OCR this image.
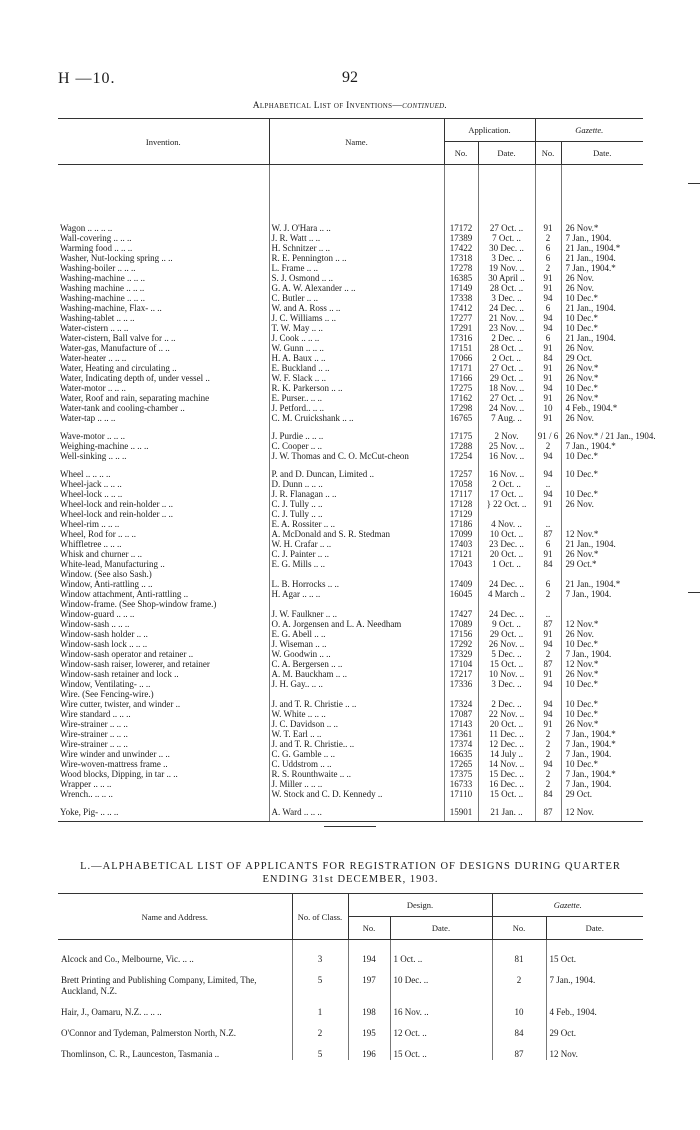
H —10.	92
Alphabetical List of Inventions—continued.
Invention.	Name.	Application.		Gazette.	
		No.	Date.	No.	Date.
Wagon .. .. .. ..	W. J. O'Hara .. ..	17172	27 Oct. ..	91	26 Nov.*
Wall-covering .. .. ..	J. R. Watt .. ..	17389	7 Oct. ..	2	7 Jan., 1904.
Warming food .. .. ..	H. Schnitzer .. ..	17422	30 Dec. ..	6	21 Jan., 1904.*
Washer, Nut-locking spring .. ..	R. E. Pennington .. ..	17318	3 Dec. ..	6	21 Jan., 1904.
Washing-boiler .. .. ..	L. Frame .. ..	17278	19 Nov. ..	2	7 Jan., 1904.*
Washing-machine .. .. ..	S. J. Osmond .. ..	16385	30 April ..	91	26 Nov.
Washing machine .. .. ..	G. A. W. Alexander .. ..	17149	28 Oct. ..	91	26 Nov.
Washing-machine .. .. ..	C. Butler .. ..	17338	3 Dec. ..	94	10 Dec.*
Washing-machine, Flax- .. ..	W. and A. Ross .. ..	17412	24 Dec. ..	6	21 Jan., 1904.
Washing-tablet .. .. ..	J. C. Williams .. ..	17277	21 Nov. ..	94	10 Dec.*
Water-cistern .. .. ..	T. W. May .. ..	17291	23 Nov. ..	94	10 Dec.*
Water-cistern, Ball valve for .. ..	J. Cook .. .. ..	17316	2 Dec. ..	6	21 Jan., 1904.
Water-gas, Manufacture of .. ..	W. Gunn .. .. ..	17151	28 Oct. ..	91	26 Nov.
Water-heater .. .. ..	H. A. Baux .. ..	17066	2 Oct. ..	84	29 Oct.
Water, Heating and circulating ..	E. Buckland .. ..	17171	27 Oct. ..	91	26 Nov.*
Water, Indicating depth of, under vessel ..	W. F. Slack .. ..	17166	29 Oct. ..	91	26 Nov.*
Water-motor .. .. ..	R. K. Parkerson .. ..	17275	18 Nov. ..	94	10 Dec.*
Water, Roof and rain, separating machine	E. Purser.. .. ..	17162	27 Oct. ..	91	26 Nov.*
Water-tank and cooling-chamber ..	J. Petford.. .. ..	17298	24 Nov. ..	10	4 Feb., 1904.*
Water-tap .. .. ..	C. M. Cruickshank .. ..	16765	7 Aug. ..	91	26 Nov.
Wave-motor .. .. ..	J. Purdie .. .. ..	17175	2 Nov.	91 / 6	26 Nov.* / 21 Jan., 1904.
Weighing-machine .. .. ..	C. Cooper .. ..	17288	25 Nov. ..	2	7 Jan., 1904.*
Well-sinking .. .. ..	J. W. Thomas and C. O. McCut-cheon	17254	16 Nov. ..	94	10 Dec.*
Wheel .. .. .. ..	P. and D. Duncan, Limited ..	17257	16 Nov. ..	94	10 Dec.*
Wheel-jack .. .. ..	D. Dunn .. .. ..	17058	2 Oct. ..	..	
Wheel-lock .. .. ..	J. R. Flanagan .. ..	17117	17 Oct. ..	94	10 Dec.*
Wheel-lock and rein-holder .. ..	C. J. Tully .. ..	17128	} 22 Oct. ..	91	26 Nov.
Wheel-lock and rein-holder .. ..	C. J. Tully .. ..	17129			
Wheel-rim .. .. ..	E. A. Rossiter .. ..	17186	4 Nov. ..	..	
Wheel, Rod for .. .. ..	A. McDonald and S. R. Stedman	17099	10 Oct. ..	87	12 Nov.*
Whiffletree .. .. ..	W. H. Crafar .. ..	17403	23 Dec. ..	6	21 Jan., 1904.
Whisk and churner .. ..	C. J. Painter .. ..	17121	20 Oct. ..	91	26 Nov.*
White-lead, Manufacturing ..	E. G. Mills .. ..	17043	1 Oct. ..	84	29 Oct.*
Window. (See also Sash.)					
Window, Anti-rattling .. ..	L. B. Horrocks .. ..	17409	24 Dec. ..	6	21 Jan., 1904.*
Window attachment, Anti-rattling ..	H. Agar .. .. ..	16045	4 March ..	2	7 Jan., 1904.
Window-frame. (See Shop-window frame.)					
Window-guard .. .. ..	J. W. Faulkner .. ..	17427	24 Dec. ..	..	
Window-sash .. .. ..	O. A. Jorgensen and L. A. Needham	17089	9 Oct. ..	87	12 Nov.*
Window-sash holder .. ..	E. G. Abell .. ..	17156	29 Oct. ..	91	26 Nov.
Window-sash lock .. .. ..	J. Wiseman .. ..	17292	26 Nov. ..	94	10 Dec.*
Window-sash operator and retainer ..	W. Goodwin .. ..	17329	5 Dec. ..	2	7 Jan., 1904.
Window-sash raiser, lowerer, and retainer	C. A. Bergersen .. ..	17104	15 Oct. ..	87	12 Nov.*
Window-sash retainer and lock ..	A. M. Bauckham .. ..	17217	10 Nov. ..	91	26 Nov.*
Window, Ventilating- .. ..	J. H. Gay.. .. ..	17336	3 Dec. ..	94	10 Dec.*
Wire. (See Fencing-wire.)					
Wire cutter, twister, and winder ..	J. and T. R. Christie .. ..	17324	2 Dec. ..	94	10 Dec.*
Wire standard .. .. ..	W. White .. .. ..	17087	22 Nov. ..	94	10 Dec.*
Wire-strainer .. .. ..	J. C. Davidson .. ..	17143	20 Oct. ..	91	26 Nov.*
Wire-strainer .. .. ..	W. T. Earl .. ..	17361	11 Dec. ..	2	7 Jan., 1904.*
Wire-strainer .. .. ..	J. and T. R. Christie.. ..	17374	12 Dec. ..	2	7 Jan., 1904.*
Wire winder and unwinder .. ..	C. G. Gamble .. ..	16635	14 July ..	2	7 Jan., 1904.
Wire-woven-mattress frame ..	C. Uddstrom .. ..	17265	14 Nov. ..	94	10 Dec.*
Wood blocks, Dipping, in tar .. ..	R. S. Rounthwaite .. ..	17375	15 Dec. ..	2	7 Jan., 1904.*
Wrapper .. .. ..	J. Miller .. .. ..	16733	16 Dec. ..	2	7 Jan., 1904.
Wrench.. .. .. ..	W. Stock and C. D. Kennedy ..	17110	15 Oct. ..	84	29 Oct.
Yoke, Pig- .. .. ..	A. Ward .. .. ..	15901	21 Jan. ..	87	12 Nov.
L.—ALPHABETICAL LIST OF APPLICANTS FOR REGISTRATION OF DESIGNS DURING QUARTER
ENDING 31st DECEMBER, 1903.
Name and Address.	No. of Class.	Design.		Gazette.	
		No.	Date.	No.	Date.
Alcock and Co., Melbourne, Vic. .. ..	3	194	1 Oct. ..	81	15 Oct.
Brett Printing and Publishing Company, Limited, The, Auckland, N.Z.	5	197	10 Dec. ..	2	7 Jan., 1904.
Hair, J., Oamaru, N.Z. .. .. ..	1	198	16 Nov. ..	10	4 Feb., 1904.
O'Connor and Tydeman, Palmerston North, N.Z.	2	195	12 Oct. ..	84	29 Oct.
Thomlinson, C. R., Launceston, Tasmania ..	5	196	15 Oct. ..	87	12 Nov.
